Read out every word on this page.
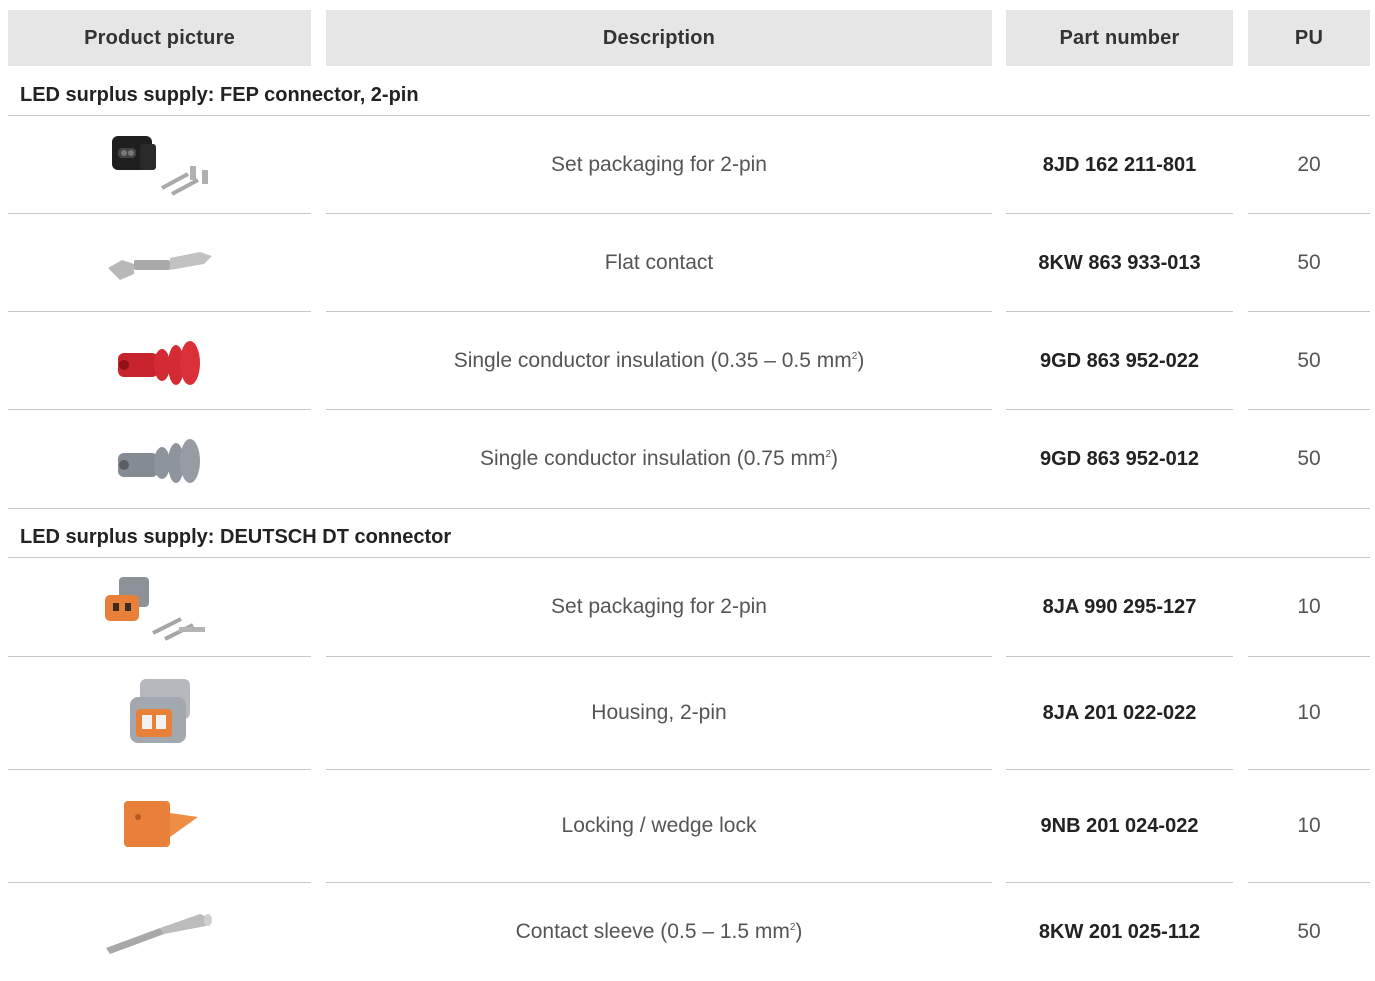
Product picture	Description	Part number	PU
LED surplus supply: FEP connector, 2-pin
Set packaging for 2-pin	8JD 162 211-801	20
Flat contact	8KW 863 933-013	50
Single conductor insulation (0.35 – 0.5 $mm^2$)	9GD 863 952-022	50
Single conductor insulation (0.75 $mm^2$)	9GD 863 952-012	50
LED surplus supply: DEUTSCH DT connector
Set packaging for 2-pin	8JA 990 295-127	10
Housing, 2-pin	8JA 201 022-022	10
Locking / wedge lock	9NB 201 024-022	10
Contact sleeve (0.5 – 1.5 $mm^2$)	8KW 201 025-112	50
